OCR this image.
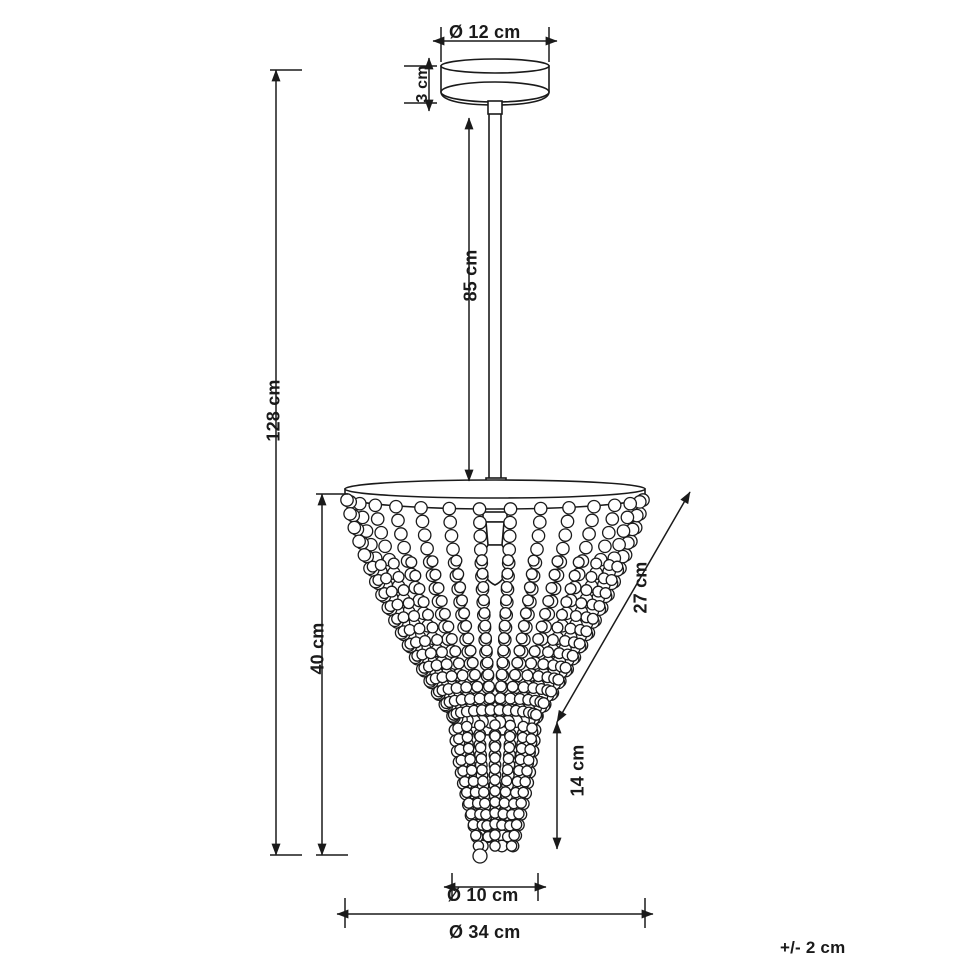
Ø 12 cm
3 cm
85 cm
128 cm
40 cm
27 cm
14 cm
Ø 10 cm
Ø 34 cm
+/- 2 cm
